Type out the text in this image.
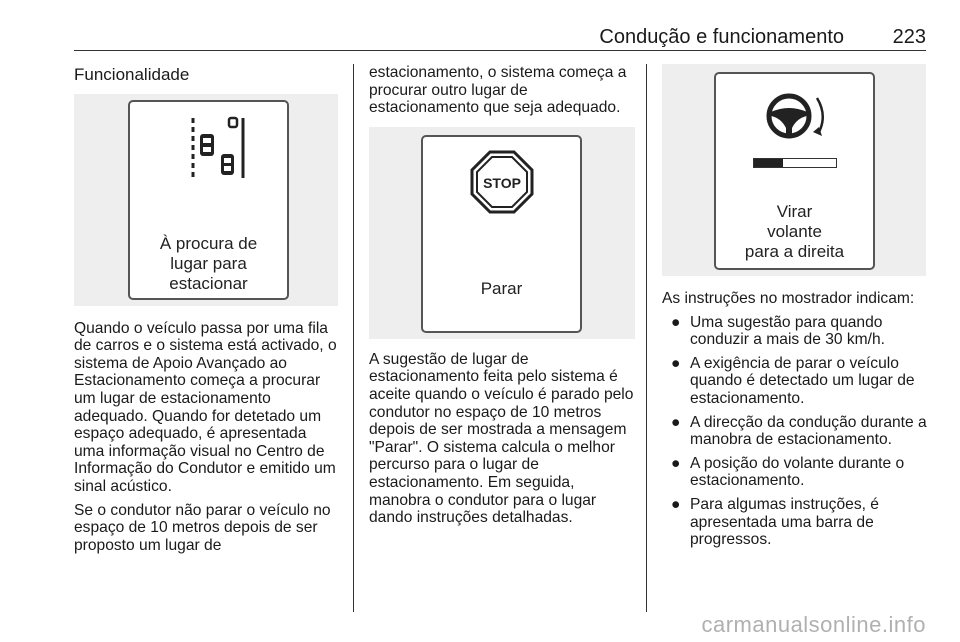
Condução e funcionamento 223
Funcionalidade
À procura de
lugar para
estacionar

Quando o veículo passa por uma fila de carros e o sistema está activado, o sistema de Apoio Avançado ao Estacionamento começa a procurar um lugar de estacionamento adequado. Quando for detetado um espaço adequado, é apresentada uma informação visual no Centro de Informação do Condutor e emitido um sinal acústico.

Se o condutor não parar o veículo no espaço de 10 metros depois de ser proposto um lugar de

estacionamento, o sistema começa a procurar outro lugar de estacionamento que seja adequado.

STOP
Parar

A sugestão de lugar de estacionamento feita pelo sistema é aceite quando o veículo é parado pelo condutor no espaço de 10 metros depois de ser mostrada a mensagem "Parar". O sistema calcula o melhor percurso para o lugar de estacionamento. Em seguida, manobra o condutor para o lugar dando instruções detalhadas.

Virar
volante
para a direita

As instruções no mostrador indicam:

● Uma sugestão para quando conduzir a mais de 30 km/h.
● A exigência de parar o veículo quando é detectado um lugar de estacionamento.
● A direcção da condução durante a manobra de estacionamento.
● A posição do volante durante o estacionamento.
● Para algumas instruções, é apresentada uma barra de progressos.
carmanualsonline.info
